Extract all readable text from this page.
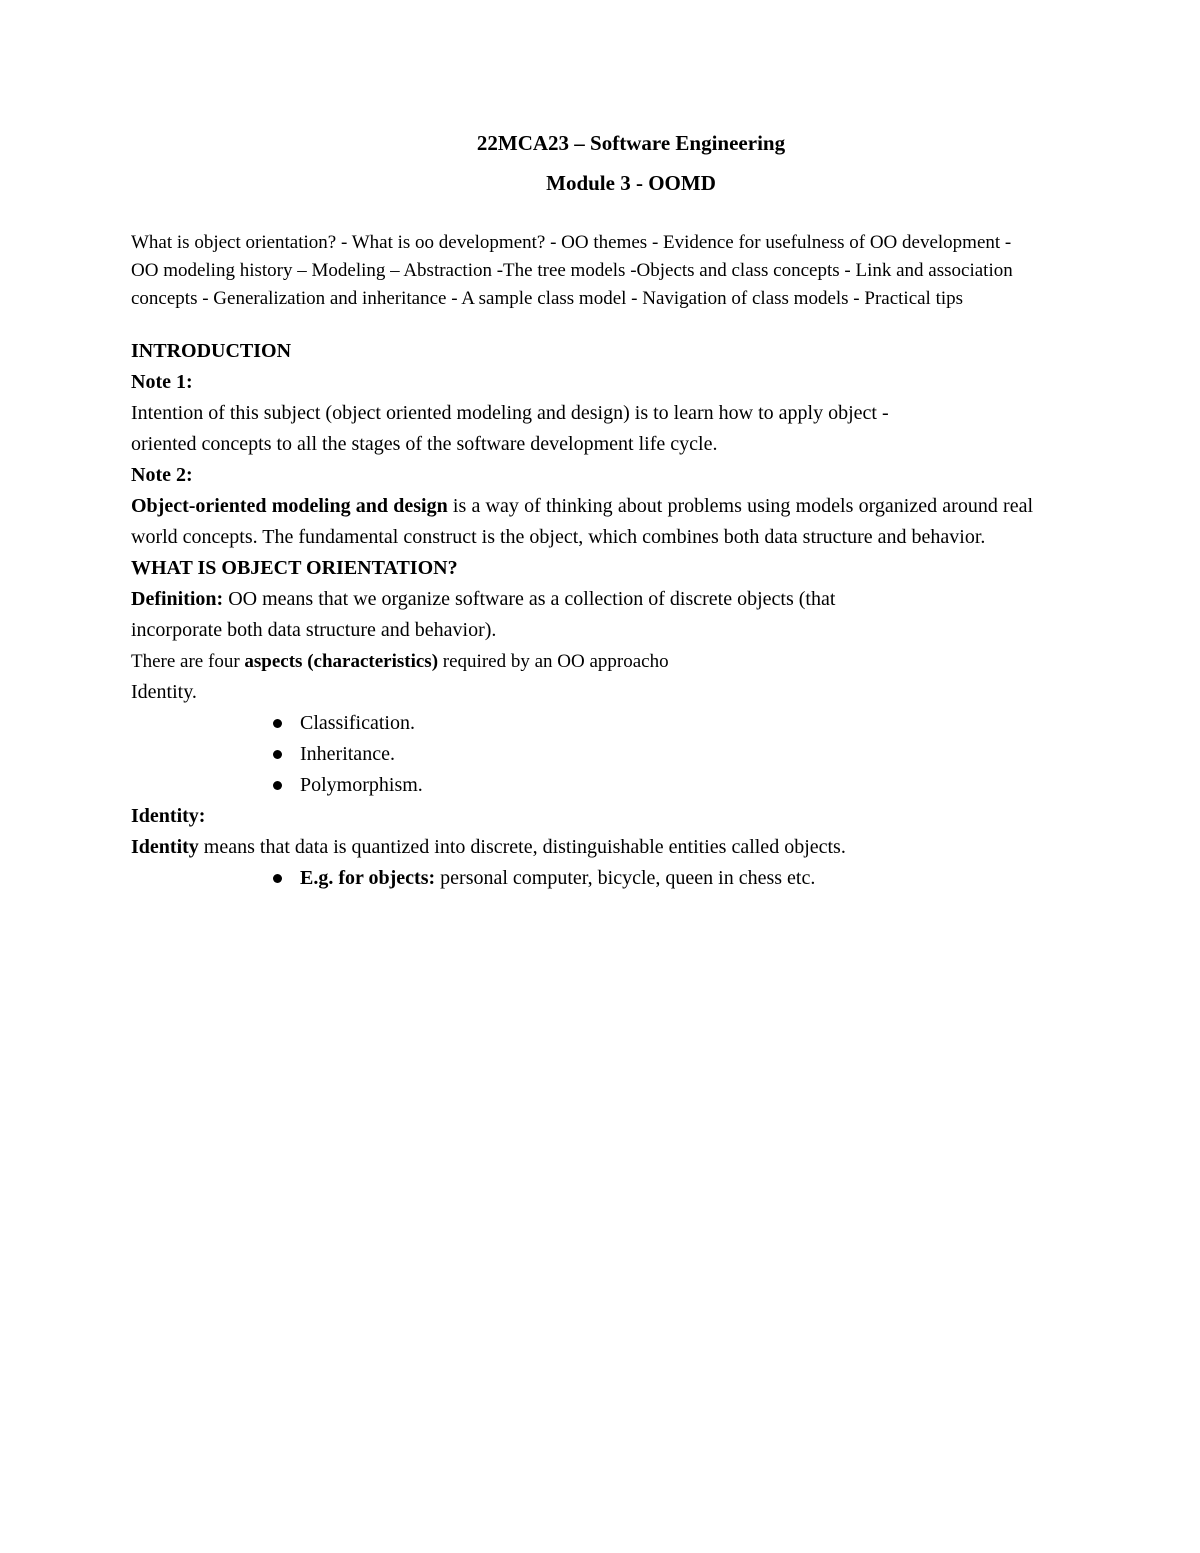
22MCA23 – Software Engineering
Module 3 - OOMD

What is object orientation? - What is oo development? - OO themes - Evidence for usefulness of OO development -

OO modeling history – Modeling – Abstraction -The tree models -Objects and class concepts - Link and association

concepts - Generalization and inheritance - A sample class model - Navigation of class models - Practical tips

INTRODUCTION

Note 1:

Intention of this subject (object oriented modeling and design) is to learn how to apply object -

oriented concepts to all the stages of the software development life cycle.

Note 2:

Object-oriented modeling and design is a way of thinking about problems using models organized around real world concepts. The fundamental construct is the object, which combines both data structure and behavior.

WHAT IS OBJECT ORIENTATION?

Definition: OO means that we organize software as a collection of discrete objects (that

incorporate both data structure and behavior).

There are four aspects (characteristics) required by an OO approacho

Identity.

Classification.
Inheritance.
Polymorphism.

Identity:

Identity means that data is quantized into discrete, distinguishable entities called objects.

E.g. for objects: personal computer, bicycle, queen in chess etc.
